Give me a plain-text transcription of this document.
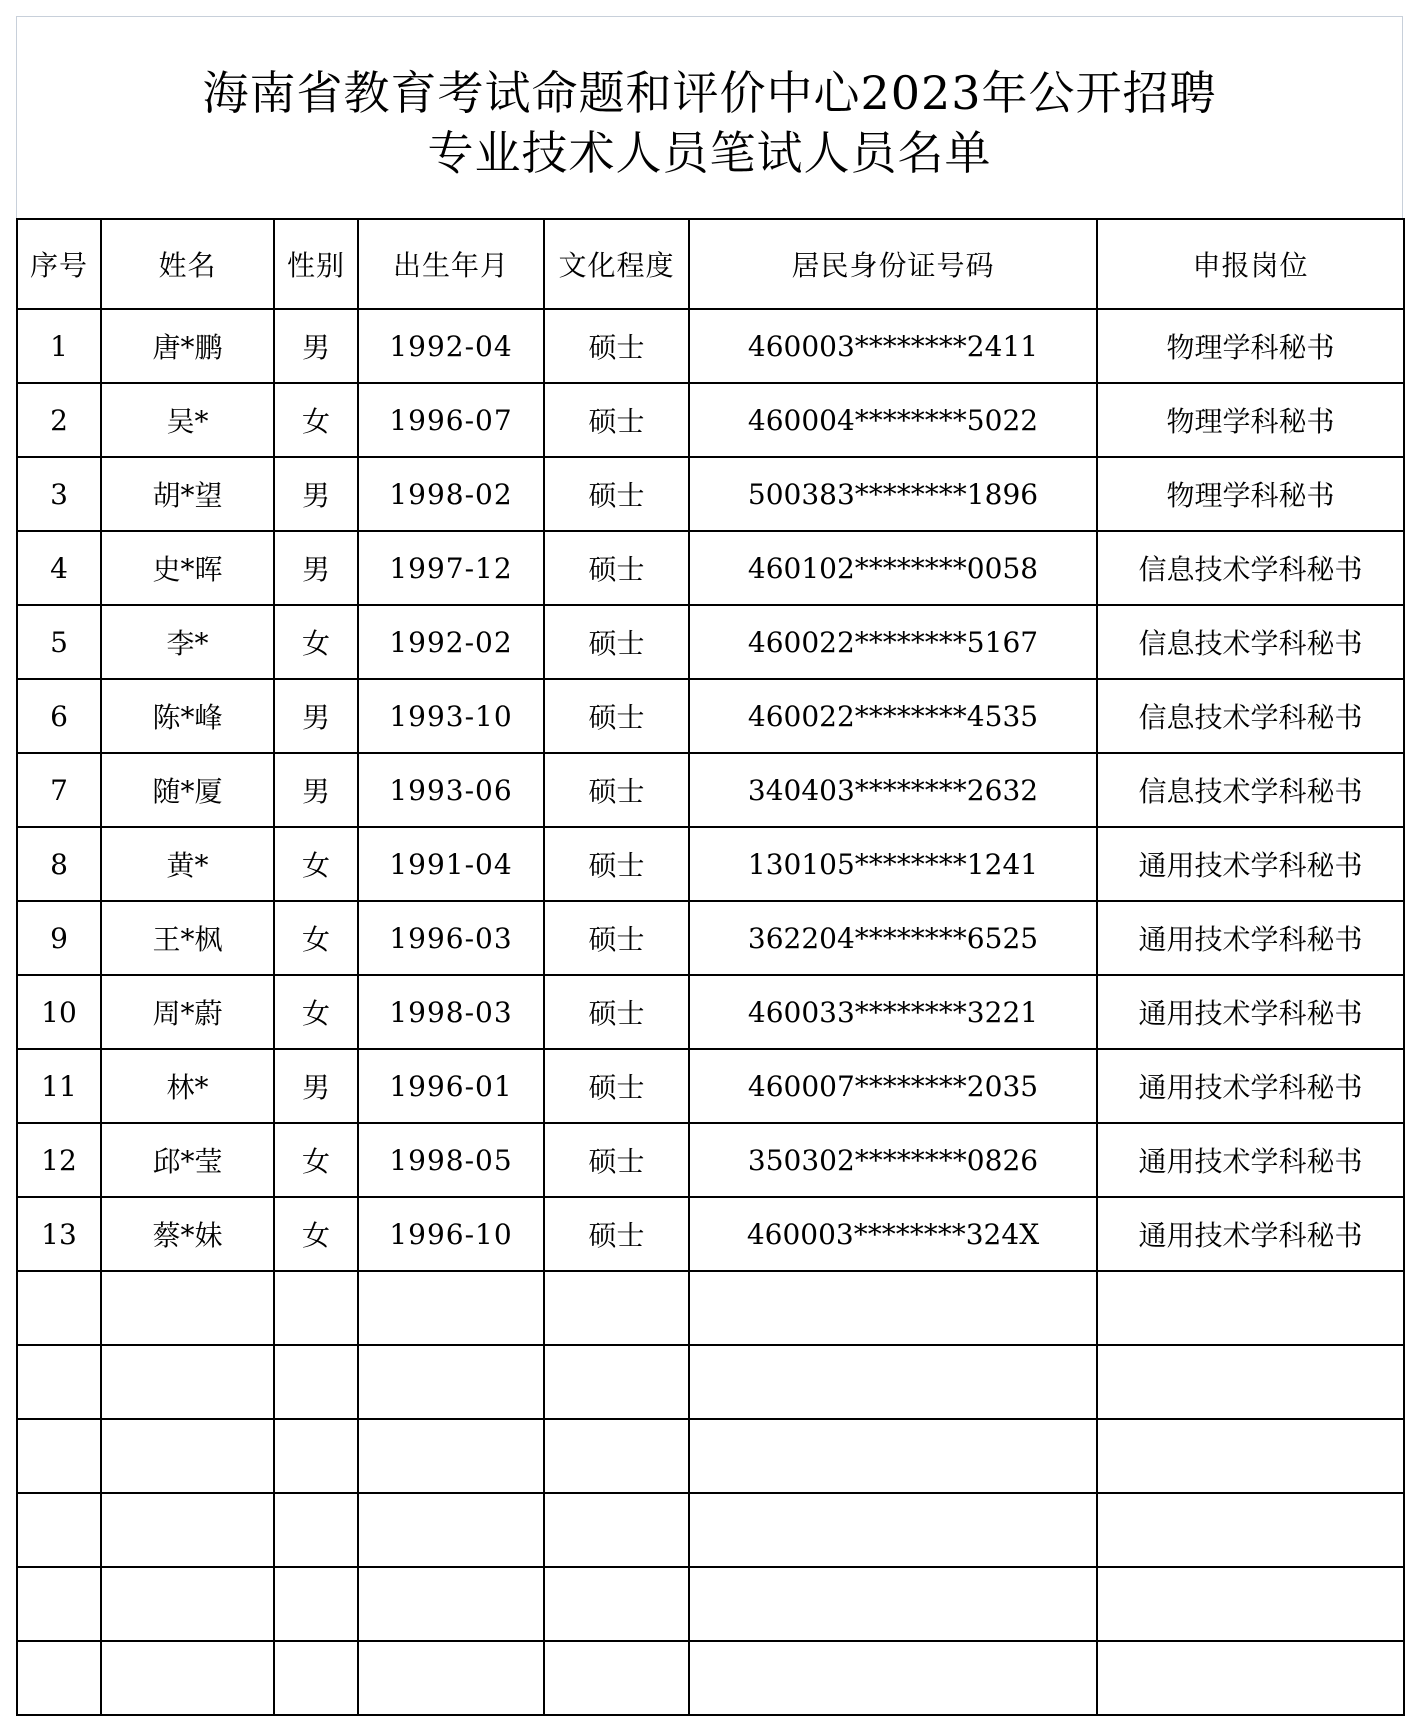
海南省教育考试命题和评价中心2023年公开招聘
专业技术人员笔试人员名单
序号	姓名	性别	出生年月	文化程度	居民身份证号码	申报岗位
1	唐*鹏	男	1992-04	硕士	460003********2411	物理学科秘书
2	吴*	女	1996-07	硕士	460004********5022	物理学科秘书
3	胡*望	男	1998-02	硕士	500383********1896	物理学科秘书
4	史*晖	男	1997-12	硕士	460102********0058	信息技术学科秘书
5	李*	女	1992-02	硕士	460022********5167	信息技术学科秘书
6	陈*峰	男	1993-10	硕士	460022********4535	信息技术学科秘书
7	随*厦	男	1993-06	硕士	340403********2632	信息技术学科秘书
8	黄*	女	1991-04	硕士	130105********1241	通用技术学科秘书
9	王*枫	女	1996-03	硕士	362204********6525	通用技术学科秘书
10	周*蔚	女	1998-03	硕士	460033********3221	通用技术学科秘书
11	林*	男	1996-01	硕士	460007********2035	通用技术学科秘书
12	邱*莹	女	1998-05	硕士	350302********0826	通用技术学科秘书
13	蔡*妹	女	1996-10	硕士	460003********324X	通用技术学科秘书
